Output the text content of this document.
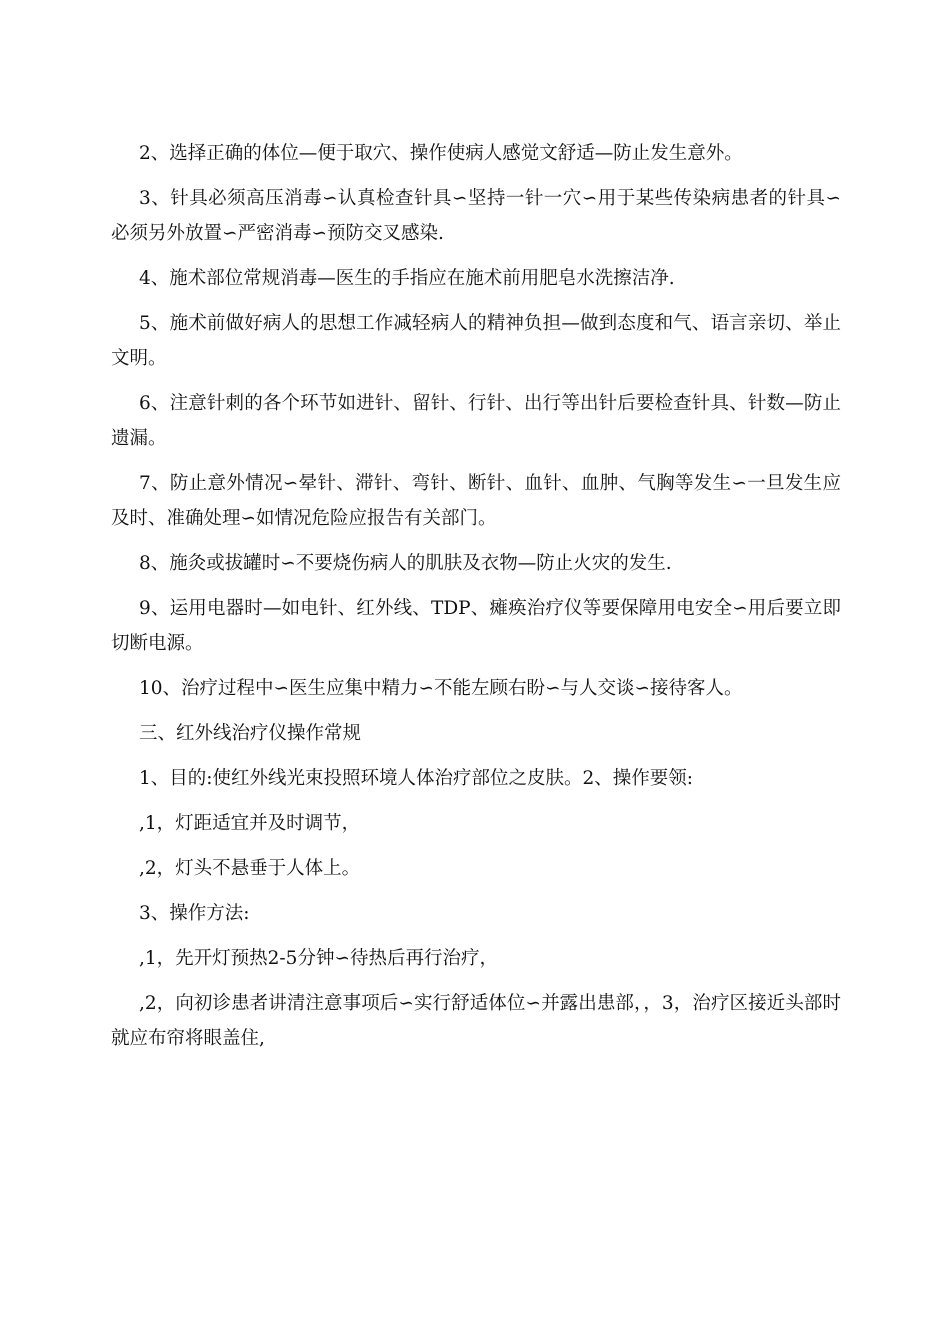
2、选择正确的体位—便于取穴、操作使病人感觉文舒适—防止发生意外。

3、针具必须高压消毒∽认真检查针具∽坚持一针一穴∽用于某些传染病患者的针具∽必须另外放置∽严密消毒∽预防交叉感染.

4、施术部位常规消毒—医生的手指应在施术前用肥皂水洗擦洁净.

5、施术前做好病人的思想工作减轻病人的精神负担—做到态度和气、语言亲切、举止文明。

6、注意针刺的各个环节如进针、留针、行针、出行等出针后要检查针具、针数—防止遗漏。

7、防止意外情况∽晕针、滞针、弯针、断针、血针、血肿、气胸等发生∽一旦发生应及时、准确处理∽如情况危险应报告有关部门。

8、施灸或拔罐时∽不要烧伤病人的肌肤及衣物—防止火灾的发生.

9、运用电器时—如电针、红外线、TDP、瘫痪治疗仪等要保障用电安全∽用后要立即切断电源。

10、治疗过程中∽医生应集中精力∽不能左顾右盼∽与人交谈∽接待客人。

三、红外线治疗仪操作常规

1、目的:使红外线光束投照环境人体治疗部位之皮肤。2、操作要领:

,1，灯距适宜并及时调节，

,2，灯头不悬垂于人体上。

3、操作方法:

,1，先开灯预热2-5分钟∽待热后再行治疗，

,2，向初诊患者讲清注意事项后∽实行舒适体位∽并露出患部，，3，治疗区接近头部时就应布帘将眼盖住,
